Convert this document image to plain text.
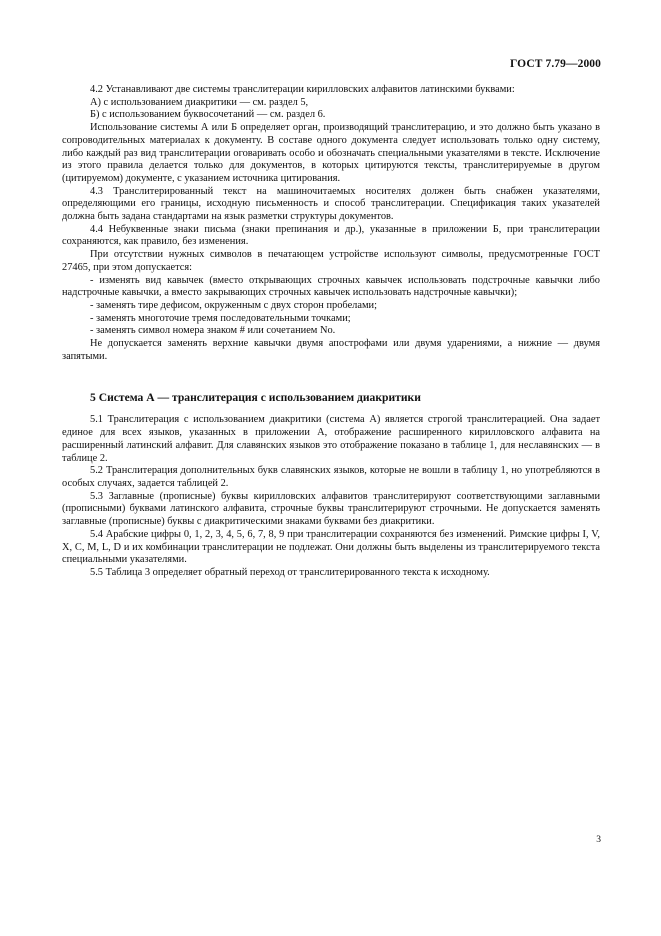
ГОСТ 7.79—2000

4.2 Устанавливают две системы транслитерации кирилловских алфавитов латинскими буквами:

А) с использованием диакритики — см. раздел 5,

Б) с использованием буквосочетаний — см. раздел 6.

Использование системы А или Б определяет орган, производящий транслитерацию, и это должно быть указано в сопроводительных материалах к документу. В составе одного документа следует использовать только одну систему, либо каждый раз вид транслитерации оговаривать особо и обозначать специальными указателями в тексте. Исключение из этого правила делается только для документов, в которых цитируются тексты, транслитерируемые в другом (цитируемом) документе, с указанием источника цитирования.

4.3 Транслитерированный текст на машиночитаемых носителях должен быть снабжен указателями, определяющими его границы, исходную письменность и способ транслитерации. Спецификация таких указателей должна быть задана стандартами на язык разметки структуры документов.

4.4 Небуквенные знаки письма (знаки препинания и др.), указанные в приложении Б, при транслитерации сохраняются, как правило, без изменения.

При отсутствии нужных символов в печатающем устройстве используют символы, предусмотренные ГОСТ 27465, при этом допускается:

- изменять вид кавычек (вместо открывающих строчных кавычек использовать подстрочные кавычки либо надстрочные кавычки, а вместо закрывающих строчных кавычек использовать надстрочные кавычки);

- заменять тире дефисом, окруженным с двух сторон пробелами;

- заменять многоточие тремя последовательными точками;

- заменять символ номера знаком # или сочетанием No.

Не допускается заменять верхние кавычки двумя апострофами или двумя ударениями, а нижние — двумя запятыми.

5 Система А — транслитерация с использованием диакритики

5.1 Транслитерация с использованием диакритики (система А) является строгой транслитерацией. Она задает единое для всех языков, указанных в приложении А, отображение расширенного кирилловского алфавита на расширенный латинский алфавит. Для славянских языков это отображение показано в таблице 1, для неславянских — в таблице 2.

5.2 Транслитерация дополнительных букв славянских языков, которые не вошли в таблицу 1, но употребляются в особых случаях, задается таблицей 2.

5.3 Заглавные (прописные) буквы кирилловских алфавитов транслитерируют соответствующими заглавными (прописными) буквами латинского алфавита, строчные буквы транслитерируют строчными. Не допускается заменять заглавные (прописные) буквы с диакритическими знаками буквами без диакритики.

5.4 Арабские цифры 0, 1, 2, 3, 4, 5, 6, 7, 8, 9 при транслитерации сохраняются без изменений. Римские цифры I, V, X, C, M, L, D и их комбинации транслитерации не подлежат. Они должны быть выделены из транслитерируемого текста специальными указателями.

5.5 Таблица 3 определяет обратный переход от транслитерированного текста к исходному.

3
